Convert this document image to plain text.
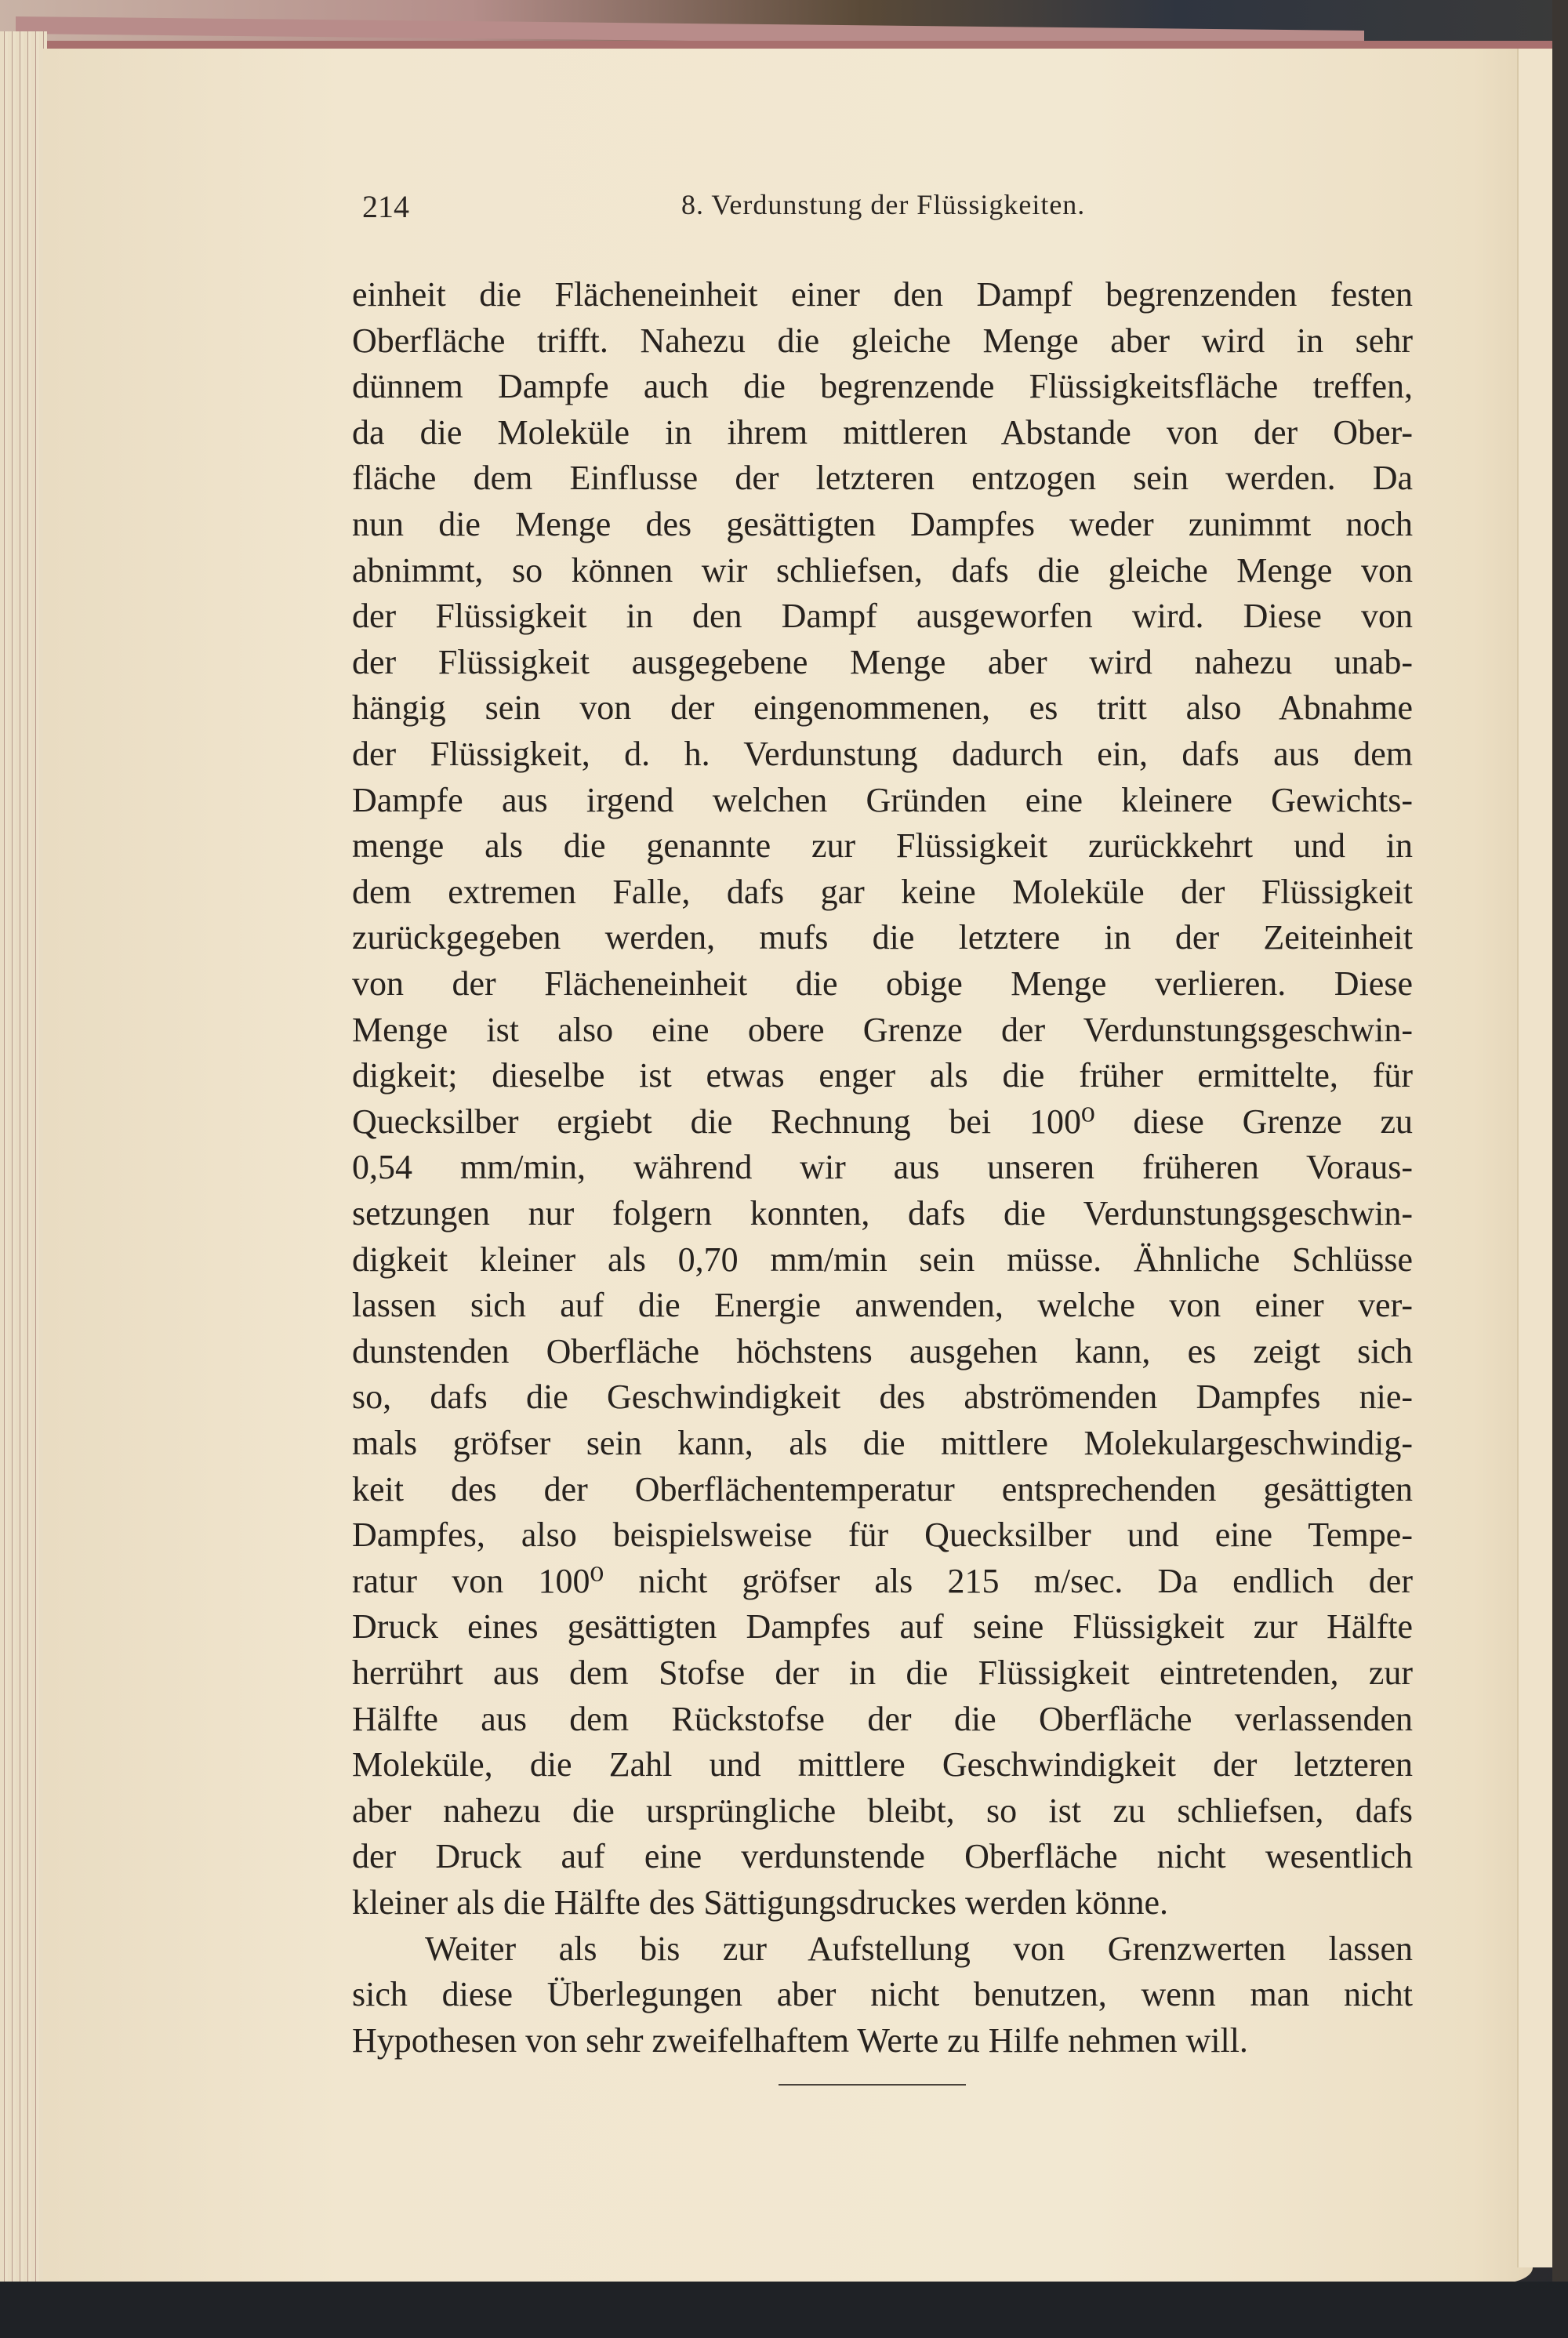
214	8. Verdunstung der Flüssigkeiten.
einheit die Flächeneinheit einer den Dampf begrenzenden festen
Oberfläche trifft. Nahezu die gleiche Menge aber wird in sehr
dünnem Dampfe auch die begrenzende Flüssigkeitsfläche treffen,
da die Moleküle in ihrem mittleren Abstande von der Ober-
fläche dem Einflusse der letzteren entzogen sein werden. Da
nun die Menge des gesättigten Dampfes weder zunimmt noch
abnimmt, so können wir schliefsen, dafs die gleiche Menge von
der Flüssigkeit in den Dampf ausgeworfen wird. Diese von
der Flüssigkeit ausgegebene Menge aber wird nahezu unab-
hängig sein von der eingenommenen, es tritt also Abnahme
der Flüssigkeit, d. h. Verdunstung dadurch ein, dafs aus dem
Dampfe aus irgend welchen Gründen eine kleinere Gewichts-
menge als die genannte zur Flüssigkeit zurückkehrt und in
dem extremen Falle, dafs gar keine Moleküle der Flüssigkeit
zurückgegeben werden, mufs die letztere in der Zeiteinheit
von der Flächeneinheit die obige Menge verlieren. Diese
Menge ist also eine obere Grenze der Verdunstungsgeschwin-
digkeit; dieselbe ist etwas enger als die früher ermittelte, für
Quecksilber ergiebt die Rechnung bei 100⁰ diese Grenze zu
0,54 mm/min, während wir aus unseren früheren Voraus-
setzungen nur folgern konnten, dafs die Verdunstungsgeschwin-
digkeit kleiner als 0,70 mm/min sein müsse. Ähnliche Schlüsse
lassen sich auf die Energie anwenden, welche von einer ver-
dunstenden Oberfläche höchstens ausgehen kann, es zeigt sich
so, dafs die Geschwindigkeit des abströmenden Dampfes nie-
mals gröfser sein kann, als die mittlere Molekulargeschwindig-
keit des der Oberflächentemperatur entsprechenden gesättigten
Dampfes, also beispielsweise für Quecksilber und eine Tempe-
ratur von 100⁰ nicht gröfser als 215 m/sec. Da endlich der
Druck eines gesättigten Dampfes auf seine Flüssigkeit zur Hälfte
herrührt aus dem Stofse der in die Flüssigkeit eintretenden, zur
Hälfte aus dem Rückstofse der die Oberfläche verlassenden
Moleküle, die Zahl und mittlere Geschwindigkeit der letzteren
aber nahezu die ursprüngliche bleibt, so ist zu schliefsen, dafs
der Druck auf eine verdunstende Oberfläche nicht wesentlich
kleiner als die Hälfte des Sättigungsdruckes werden könne.
Weiter als bis zur Aufstellung von Grenzwerten lassen
sich diese Überlegungen aber nicht benutzen, wenn man nicht
Hypothesen von sehr zweifelhaftem Werte zu Hilfe nehmen will.
